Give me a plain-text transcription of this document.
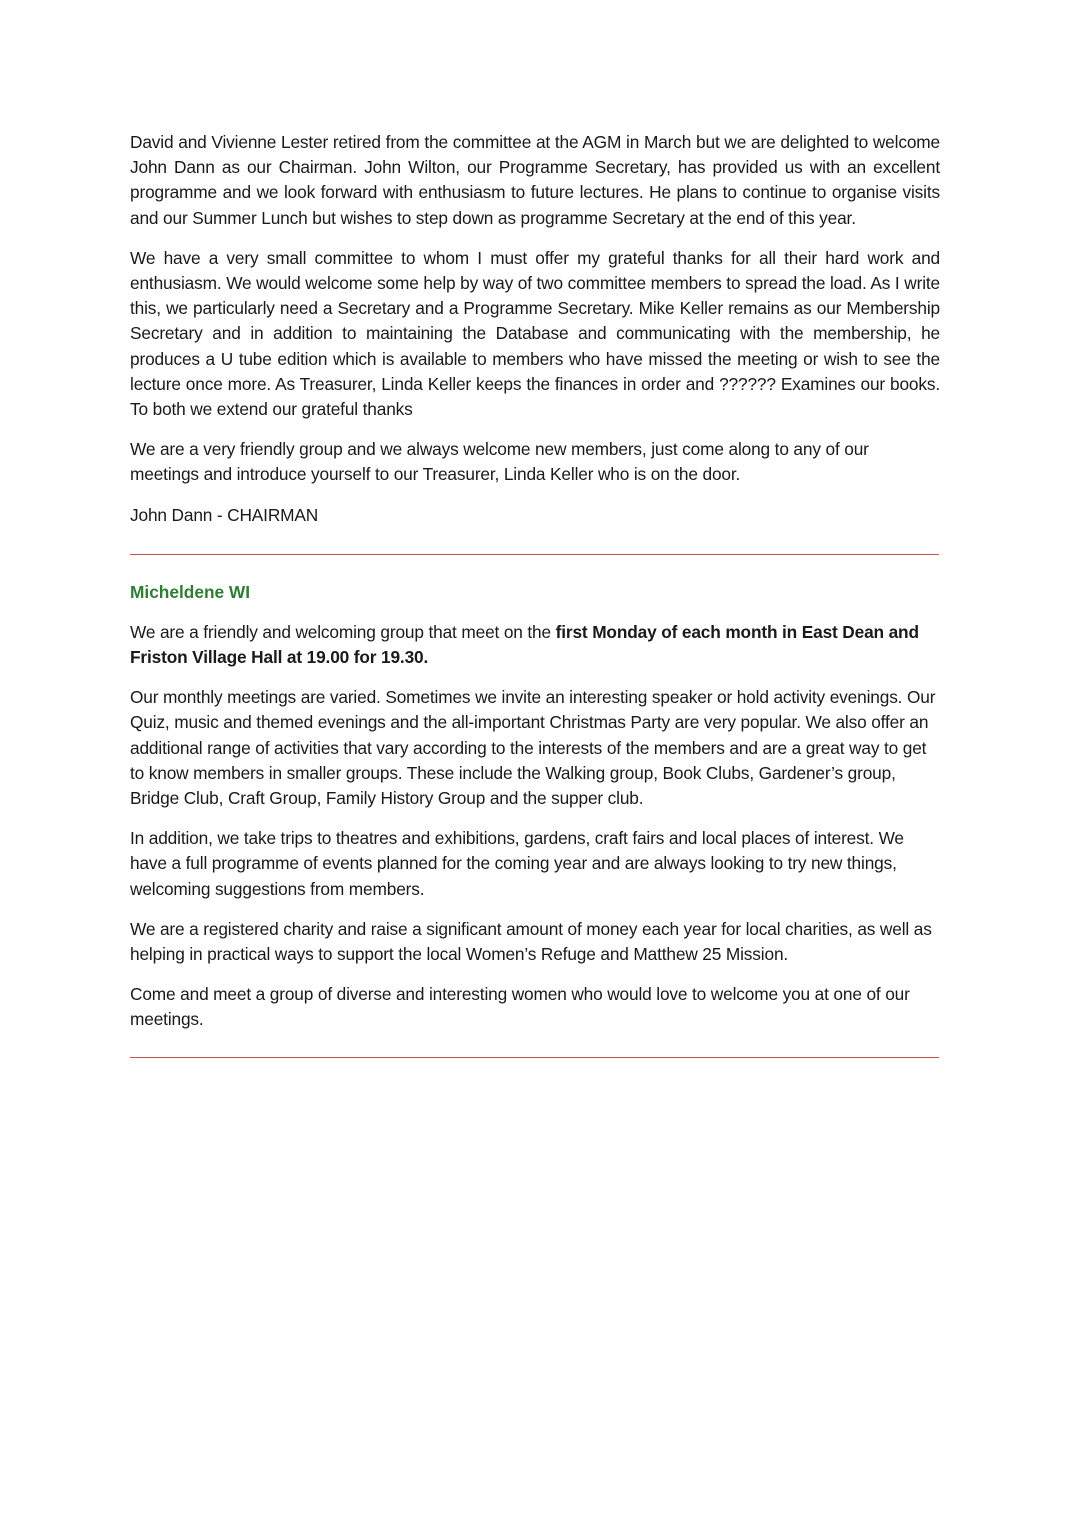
David and Vivienne Lester retired from the committee at the AGM in March but we are delighted to welcome John Dann as our Chairman. John Wilton, our Programme Secretary, has provided us with an excellent programme and we look forward with enthusiasm to future lectures. He plans to continue to organise visits and our Summer Lunch but wishes to step down as programme Secretary at the end of this year.

We have a very small committee to whom I must offer my grateful thanks for all their hard work and enthusiasm. We would welcome some help by way of two committee members to spread the load. As I write this, we particularly need a Secretary and a Programme Secretary. Mike Keller remains as our Membership Secretary and in addition to maintaining the Database and communicating with the membership, he produces a U tube edition which is available to members who have missed the meeting or wish to see the lecture once more. As Treasurer, Linda Keller keeps the finances in order and ?????? Examines our books. To both we extend our grateful thanks

We are a very friendly group and we always welcome new members, just come along to any of our meetings and introduce yourself to our Treasurer, Linda Keller who is on the door.

John Dann - CHAIRMAN

Micheldene WI

We are a friendly and welcoming group that meet on the first Monday of each month in East Dean and Friston Village Hall at 19.00 for 19.30.

Our monthly meetings are varied. Sometimes we invite an interesting speaker or hold activity evenings. Our Quiz, music and themed evenings and the all-important Christmas Party are very popular. We also offer an additional range of activities that vary according to the interests of the members and are a great way to get to know members in smaller groups. These include the Walking group, Book Clubs, Gardener’s group, Bridge Club, Craft Group, Family History Group and the supper club.

In addition, we take trips to theatres and exhibitions, gardens, craft fairs and local places of interest. We have a full programme of events planned for the coming year and are always looking to try new things, welcoming suggestions from members.

We are a registered charity and raise a significant amount of money each year for local charities, as well as helping in practical ways to support the local Women’s Refuge and Matthew 25 Mission.

Come and meet a group of diverse and interesting women who would love to welcome you at one of our meetings.
